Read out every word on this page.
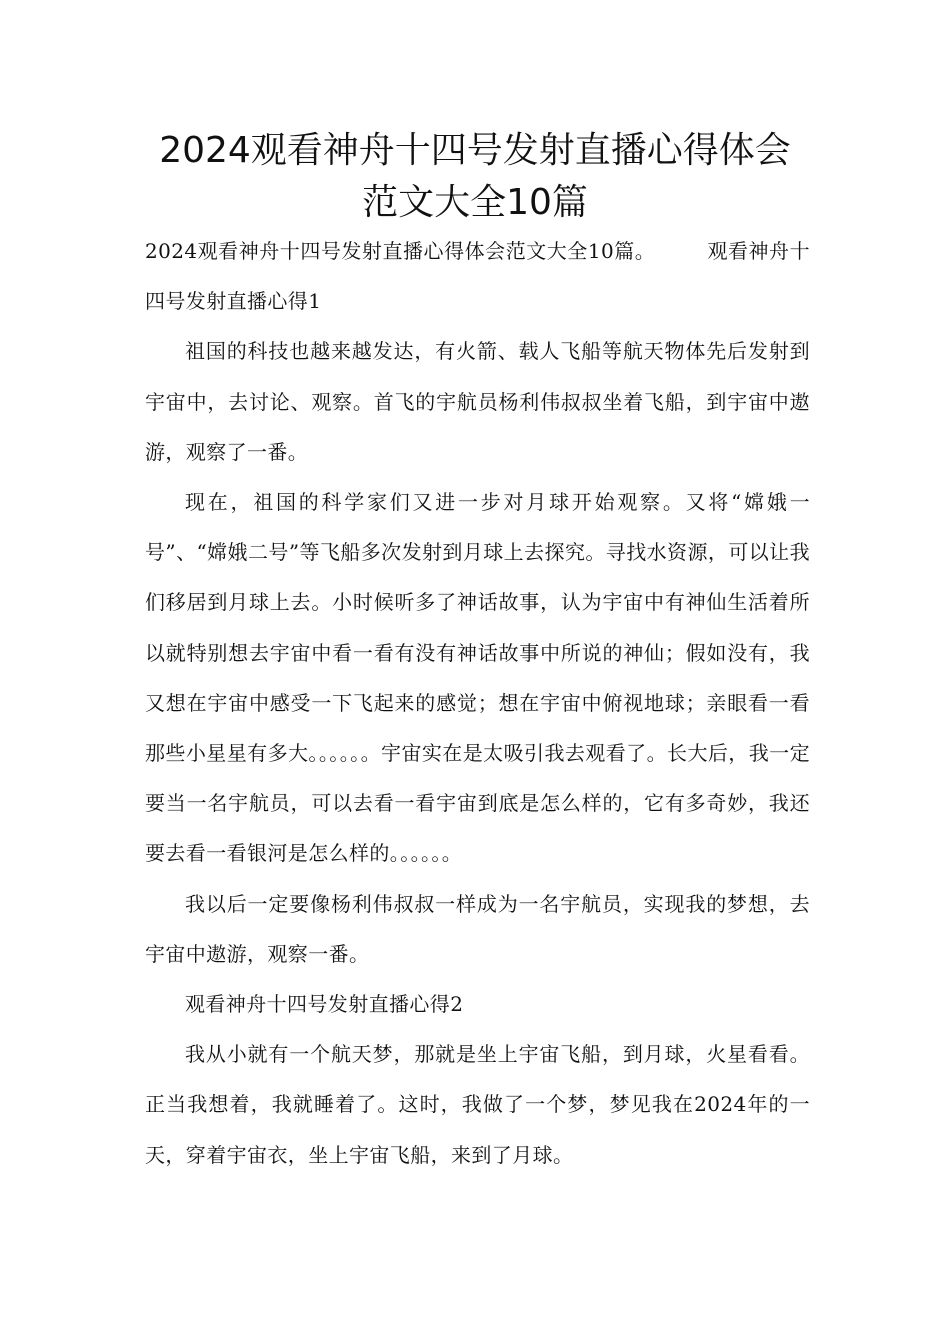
2024观看神舟十四号发射直播心得体会
范文大全10篇

2024观看神舟十四号发射直播心得体会范文大全10篇。	观看神舟十四号发射直播心得1

祖国的科技也越来越发达，有火箭、载人飞船等航天物体先后发射到宇宙中，去讨论、观察。首飞的宇航员杨利伟叔叔坐着飞船，到宇宙中遨游，观察了一番。

现在，祖国的科学家们又进一步对月球开始观察。又将“嫦娥一号”、“嫦娥二号”等飞船多次发射到月球上去探究。寻找水资源，可以让我们移居到月球上去。小时候听多了神话故事，认为宇宙中有神仙生活着所以就特别想去宇宙中看一看有没有神话故事中所说的神仙；假如没有，我又想在宇宙中感受一下飞起来的感觉；想在宇宙中俯视地球；亲眼看一看那些小星星有多大。。。。。。宇宙实在是太吸引我去观看了。长大后，我一定要当一名宇航员，可以去看一看宇宙到底是怎么样的，它有多奇妙，我还要去看一看银河是怎么样的。。。。。。

我以后一定要像杨利伟叔叔一样成为一名宇航员，实现我的梦想，去宇宙中遨游，观察一番。

观看神舟十四号发射直播心得2

我从小就有一个航天梦，那就是坐上宇宙飞船，到月球，火星看看。正当我想着，我就睡着了。这时，我做了一个梦，梦见我在2024年的一天，穿着宇宙衣，坐上宇宙飞船，来到了月球。
